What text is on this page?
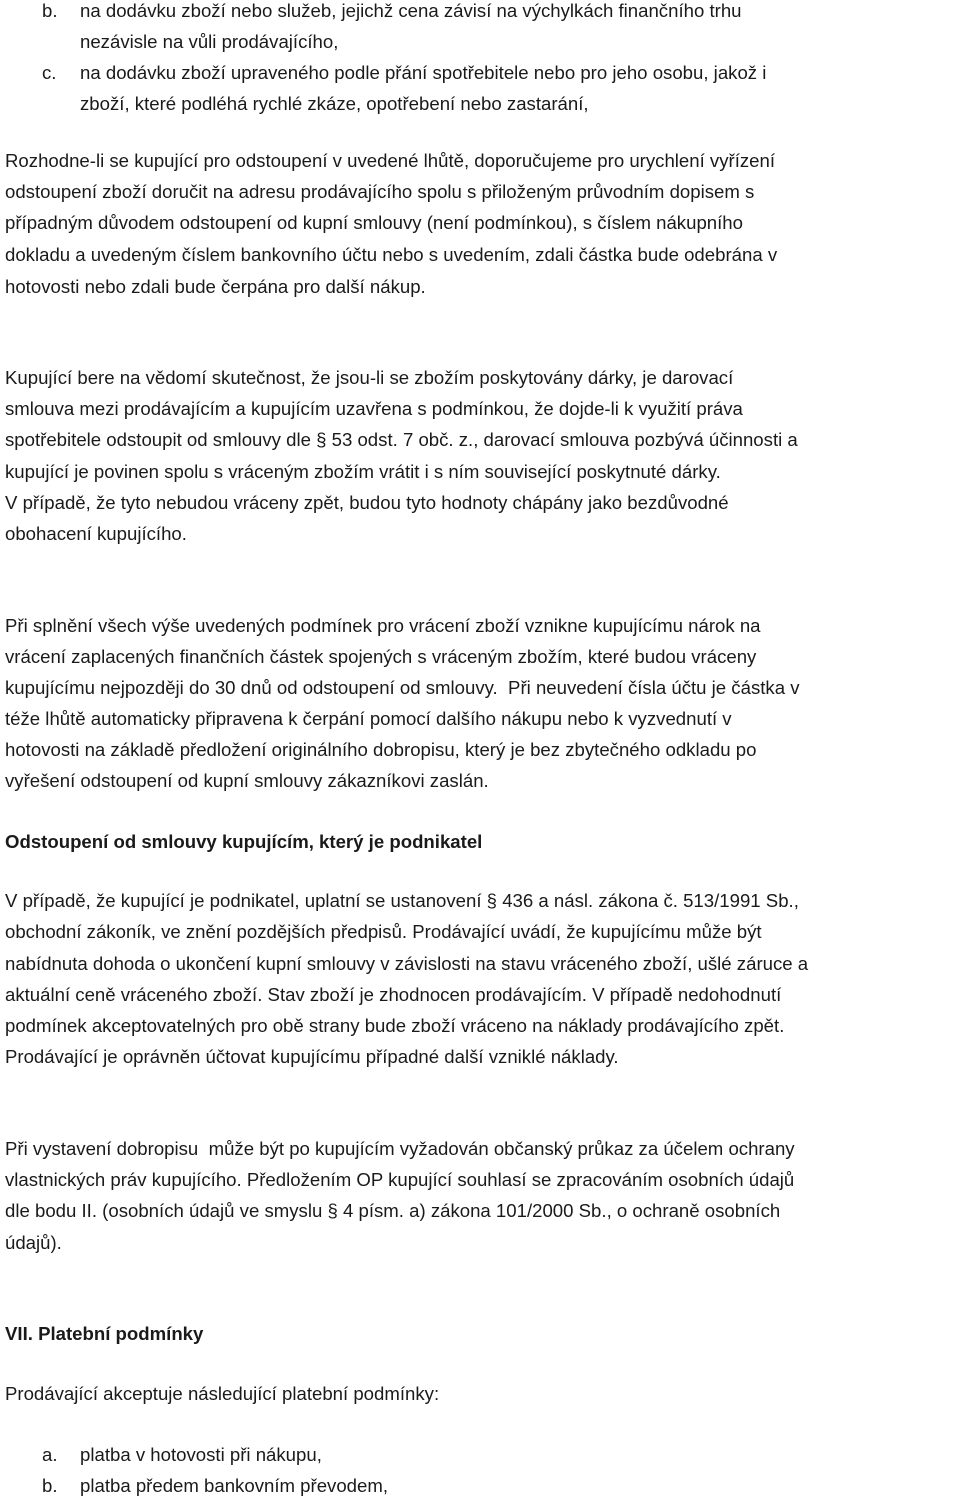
b. na dodávku zboží nebo služeb, jejichž cena závisí na výchylkách finančního trhu
nezávisle na vůli prodávajícího,
c. na dodávku zboží upraveného podle přání spotřebitele nebo pro jeho osobu, jakož i
zboží, které podléhá rychlé zkáze, opotřebení nebo zastarání,
Rozhodne-li se kupující pro odstoupení v uvedené lhůtě, doporučujeme pro urychlení vyřízení
odstoupení zboží doručit na adresu prodávajícího spolu s přiloženým průvodním dopisem s
případným důvodem odstoupení od kupní smlouvy (není podmínkou), s číslem nákupního
dokladu a uvedeným číslem bankovního účtu nebo s uvedením, zdali částka bude odebrána v
hotovosti nebo zdali bude čerpána pro další nákup.
Kupující bere na vědomí skutečnost, že jsou-li se zbožím poskytovány dárky, je darovací
smlouva mezi prodávajícím a kupujícím uzavřena s podmínkou, že dojde-li k využití práva
spotřebitele odstoupit od smlouvy dle § 53 odst. 7 obč. z., darovací smlouva pozbývá účinnosti a
kupující je povinen spolu s vráceným zbožím vrátit i s ním související poskytnuté dárky.
V případě, že tyto nebudou vráceny zpět, budou tyto hodnoty chápány jako bezdůvodné
obohacení kupujícího.
Při splnění všech výše uvedených podmínek pro vrácení zboží vznikne kupujícímu nárok na
vrácení zaplacených finančních částek spojených s vráceným zbožím, které budou vráceny
kupujícímu nejpozději do 30 dnů od odstoupení od smlouvy.  Při neuvedení čísla účtu je částka v
téže lhůtě automaticky připravena k čerpání pomocí dalšího nákupu nebo k vyzvednutí v
hotovosti na základě předložení originálního dobropisu, který je bez zbytečného odkladu po
vyřešení odstoupení od kupní smlouvy zákazníkovi zaslán.
Odstoupení od smlouvy kupujícím, který je podnikatel
V případě, že kupující je podnikatel, uplatní se ustanovení § 436 a násl. zákona č. 513/1991 Sb.,
obchodní zákoník, ve znění pozdějších předpisů. Prodávající uvádí, že kupujícímu může být
nabídnuta dohoda o ukončení kupní smlouvy v závislosti na stavu vráceného zboží, ušlé záruce a
aktuální ceně vráceného zboží. Stav zboží je zhodnocen prodávajícím. V případě nedohodnutí
podmínek akceptovatelných pro obě strany bude zboží vráceno na náklady prodávajícího zpět.
Prodávající je oprávněn účtovat kupujícímu případné další vzniklé náklady.
Při vystavení dobropisu  může být po kupujícím vyžadován občanský průkaz za účelem ochrany
vlastnických práv kupujícího. Předložením OP kupující souhlasí se zpracováním osobních údajů
dle bodu II. (osobních údajů ve smyslu § 4 písm. a) zákona 101/2000 Sb., o ochraně osobních
údajů).
VII. Platební podmínky
Prodávající akceptuje následující platební podmínky:
a. platba v hotovosti při nákupu,
b. platba předem bankovním převodem,
